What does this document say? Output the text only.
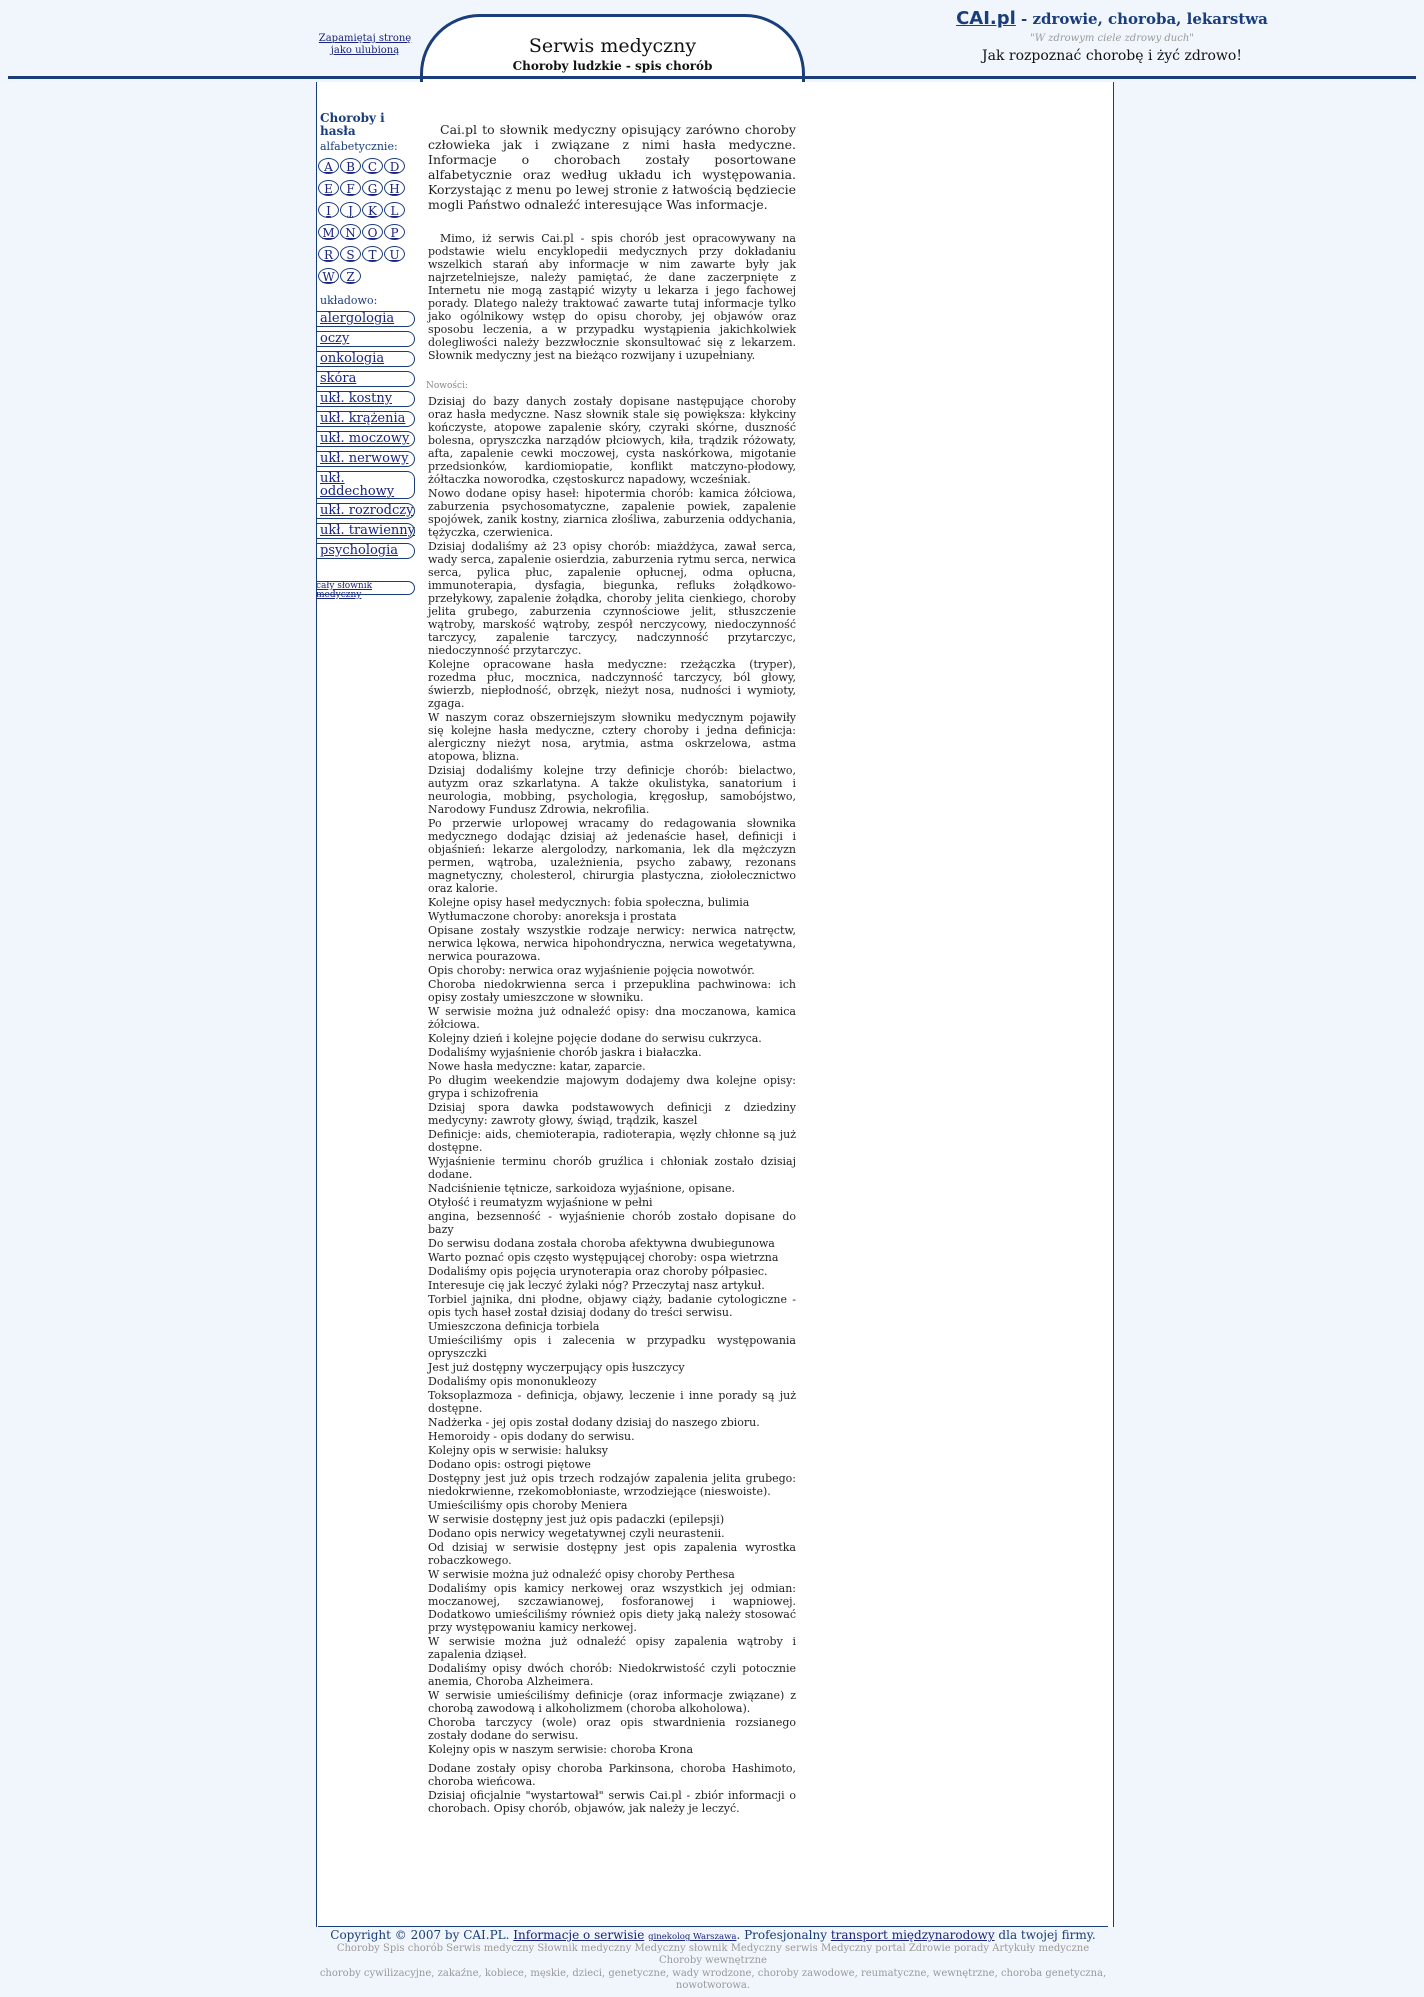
Zapamiętaj stronę jako ulubioną	Serwis medyczny
Choroby ludzkie - spis chorób
CAI.pl - zdrowie, choroba, lekarstwa
"W zdrowym ciele zdrowy duch"
Jak rozpoznać chorobę i żyć zdrowo!
Choroby i hasła
alfabetycznie:
A B C DE F G HI J K LM N O PR S T UW Z
układowo:
alergologia
oczy
onkologia
skóra
ukł. kostny
ukł. krążenia
ukł. moczowy
ukł. nerwowy
ukł. oddechowy
ukł. rozrodczy
ukł. trawienny
psychologia
cały słownik medyczny

Cai.pl to słownik medyczny opisujący zarówno choroby człowieka jak i związane z nimi hasła medyczne. Informacje o chorobach zostały posortowane alfabetycznie oraz według układu ich występowania. Korzystając z menu po lewej stronie z łatwością będziecie mogli Państwo odnaleźć interesujące Was informacje.

Mimo, iż serwis Cai.pl - spis chorób jest opracowywany na podstawie wielu encyklopedii medycznych przy dokładaniu wszelkich starań aby informacje w nim zawarte były jak najrzetelniejsze, należy pamiętać, że dane zaczerpnięte z Internetu nie mogą zastąpić wizyty u lekarza i jego fachowej porady. Dlatego należy traktować zawarte tutaj informacje tylko jako ogólnikowy wstęp do opisu choroby, jej objawów oraz sposobu leczenia, a w przypadku wystąpienia jakichkolwiek dolegliwości należy bezzwłocznie skonsultować się z lekarzem. Słownik medyczny jest na bieżąco rozwijany i uzupełniany.

Nowości:
Dzisiaj do bazy danych zostały dopisane następujące choroby oraz hasła medyczne. Nasz słownik stale się powiększa: kłykciny kończyste, atopowe zapalenie skóry, czyraki skórne, duszność bolesna, opryszczka narządów płciowych, kiła, trądzik różowaty, afta, zapalenie cewki moczowej, cysta naskórkowa, migotanie przedsionków, kardiomiopatie, konflikt matczyno-płodowy, żółtaczka noworodka, częstoskurcz napadowy, wcześniak.
Nowo dodane opisy haseł: hipotermia chorób: kamica żółciowa, zaburzenia psychosomatyczne, zapalenie powiek, zapalenie spojówek, zanik kostny, ziarnica złośliwa, zaburzenia oddychania, tężyczka, czerwienica.
Dzisiaj dodaliśmy aż 23 opisy chorób: miażdżyca, zawał serca, wady serca, zapalenie osierdzia, zaburzenia rytmu serca, nerwica serca, pylica płuc, zapalenie opłucnej, odma opłucna, immunoterapia, dysfagia, biegunka, refluks żołądkowo-przełykowy, zapalenie żołądka, choroby jelita cienkiego, choroby jelita grubego, zaburzenia czynnościowe jelit, stłuszczenie wątroby, marskość wątroby, zespół nerczycowy, niedoczynność tarczycy, zapalenie tarczycy, nadczynność przytarczyc, niedoczynność przytarczyc.
Kolejne opracowane hasła medyczne: rzeżączka (tryper), rozedma płuc, mocznica, nadczynność tarczycy, ból głowy, świerzb, niepłodność, obrzęk, nieżyt nosa, nudności i wymioty, zgaga.
W naszym coraz obszerniejszym słowniku medycznym pojawiły się kolejne hasła medyczne, cztery choroby i jedna definicja: alergiczny nieżyt nosa, arytmia, astma oskrzelowa, astma atopowa, blizna.
Dzisiaj dodaliśmy kolejne trzy definicje chorób: bielactwo, autyzm oraz szkarlatyna. A także okulistyka, sanatorium i neurologia, mobbing, psychologia, kręgosłup, samobójstwo, Narodowy Fundusz Zdrowia, nekrofilia.
Po przerwie urlopowej wracamy do redagowania słownika medycznego dodając dzisiaj aż jedenaście haseł, definicji i objaśnień: lekarze alergolodzy, narkomania, lek dla mężczyzn permen, wątroba, uzależnienia, psycho zabawy, rezonans magnetyczny, cholesterol, chirurgia plastyczna, ziołolecznictwo oraz kalorie.
Kolejne opisy haseł medycznych: fobia społeczna, bulimia
Wytłumaczone choroby: anoreksja i prostata
Opisane zostały wszystkie rodzaje nerwicy: nerwica natręctw, nerwica lękowa, nerwica hipohondryczna, nerwica wegetatywna, nerwica pourazowa.
Opis choroby: nerwica oraz wyjaśnienie pojęcia nowotwór.
Choroba niedokrwienna serca i przepuklina pachwinowa: ich opisy zostały umieszczone w słowniku.
W serwisie można już odnaleźć opisy: dna moczanowa, kamica żółciowa.
Kolejny dzień i kolejne pojęcie dodane do serwisu cukrzyca.
Dodaliśmy wyjaśnienie chorób jaskra i białaczka.
Nowe hasła medyczne: katar, zaparcie.
Po długim weekendzie majowym dodajemy dwa kolejne opisy: grypa i schizofrenia
Dzisiaj spora dawka podstawowych definicji z dziedziny medycyny: zawroty głowy, świąd, trądzik, kaszel
Definicje: aids, chemioterapia, radioterapia, węzły chłonne są już dostępne.
Wyjaśnienie terminu chorób gruźlica i chłoniak zostało dzisiaj dodane.
Nadciśnienie tętnicze, sarkoidoza wyjaśnione, opisane.
Otyłość i reumatyzm wyjaśnione w pełni
angina, bezsenność - wyjaśnienie chorób zostało dopisane do bazy
Do serwisu dodana została choroba afektywna dwubiegunowa
Warto poznać opis często występującej choroby: ospa wietrzna
Dodaliśmy opis pojęcia urynoterapia oraz choroby półpasiec.
Interesuje cię jak leczyć żylaki nóg? Przeczytaj nasz artykuł.
Torbiel jajnika, dni płodne, objawy ciąży, badanie cytologiczne - opis tych haseł został dzisiaj dodany do treści serwisu.
Umieszczona definicja torbiela
Umieściliśmy opis i zalecenia w przypadku występowania opryszczki
Jest już dostępny wyczerpujący opis łuszczycy
Dodaliśmy opis mononukleozy
Toksoplazmoza - definicja, objawy, leczenie i inne porady są już dostępne.
Nadżerka - jej opis został dodany dzisiaj do naszego zbioru.
Hemoroidy - opis dodany do serwisu.
Kolejny opis w serwisie: haluksy
Dodano opis: ostrogi piętowe
Dostępny jest już opis trzech rodzajów zapalenia jelita grubego: niedokrwienne, rzekomobłoniaste, wrzodziejące (nieswoiste).
Umieściliśmy opis choroby Meniera
W serwisie dostępny jest już opis padaczki (epilepsji)
Dodano opis nerwicy wegetatywnej czyli neurastenii.
Od dzisiaj w serwisie dostępny jest opis zapalenia wyrostka robaczkowego.
W serwisie można już odnaleźć opisy choroby Perthesa
Dodaliśmy opis kamicy nerkowej oraz wszystkich jej odmian: moczanowej, szczawianowej, fosforanowej i wapniowej. Dodatkowo umieściliśmy również opis diety jaką należy stosować przy występowaniu kamicy nerkowej.
W serwisie można już odnaleźć opisy zapalenia wątroby i zapalenia dziąseł.
Dodaliśmy opisy dwóch chorób: Niedokrwistość czyli potocznie anemia, Choroba Alzheimera.
W serwisie umieściliśmy definicje (oraz informacje związane) z chorobą zawodową i alkoholizmem (choroba alkoholowa).
Choroba tarczycy (wole) oraz opis stwardnienia rozsianego zostały dodane do serwisu.
Kolejny opis w naszym serwisie: choroba Krona
Dodane zostały opisy choroba Parkinsona, choroba Hashimoto, choroba wieńcowa.
Dzisiaj oficjalnie "wystartował" serwis Cai.pl - zbiór informacji o chorobach. Opisy chorób, objawów, jak należy je leczyć.
Copyright © 2007 by CAI.PL. Informacje o serwisie ginekolog Warszawa. Profesjonalny transport międzynarodowy dla twojej firmy.
Choroby Spis chorób Serwis medyczny Słownik medyczny Medyczny słownik Medyczny serwis Medyczny portal Zdrowie porady Artykuły medyczne Choroby wewnętrzne
choroby cywilizacyjne, zakaźne, kobiece, męskie, dzieci, genetyczne, wady wrodzone, choroby zawodowe, reumatyczne, wewnętrzne, choroba genetyczna, nowotworowa.
